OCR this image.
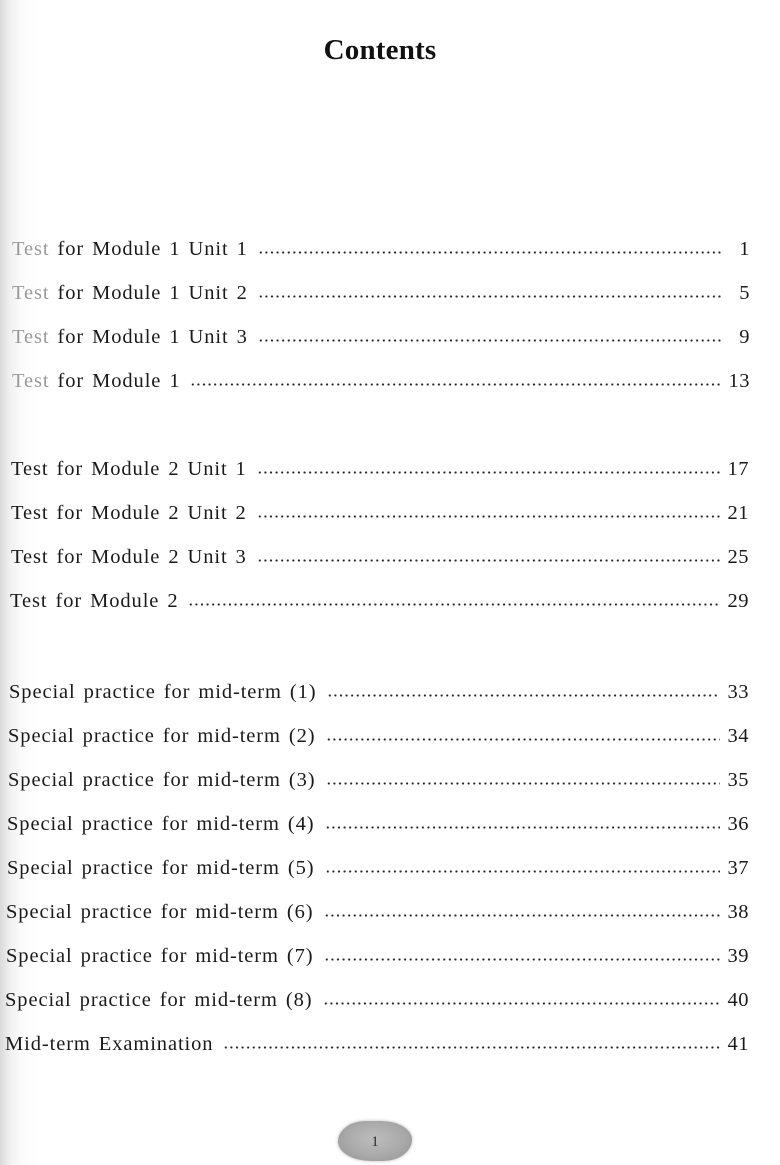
Contents
Test for Module 1 Unit 1	1
Test for Module 1 Unit 2	5
Test for Module 1 Unit 3	9
Test for Module 1	13
Test for Module 2 Unit 1	17
Test for Module 2 Unit 2	21
Test for Module 2 Unit 3	25
Test for Module 2	29
Special practice for mid-term (1)	33
Special practice for mid-term (2)	34
Special practice for mid-term (3)	35
Special practice for mid-term (4)	36
Special practice for mid-term (5)	37
Special practice for mid-term (6)	38
Special practice for mid-term (7)	39
Special practice for mid-term (8)	40
Mid-term Examination	41
1
